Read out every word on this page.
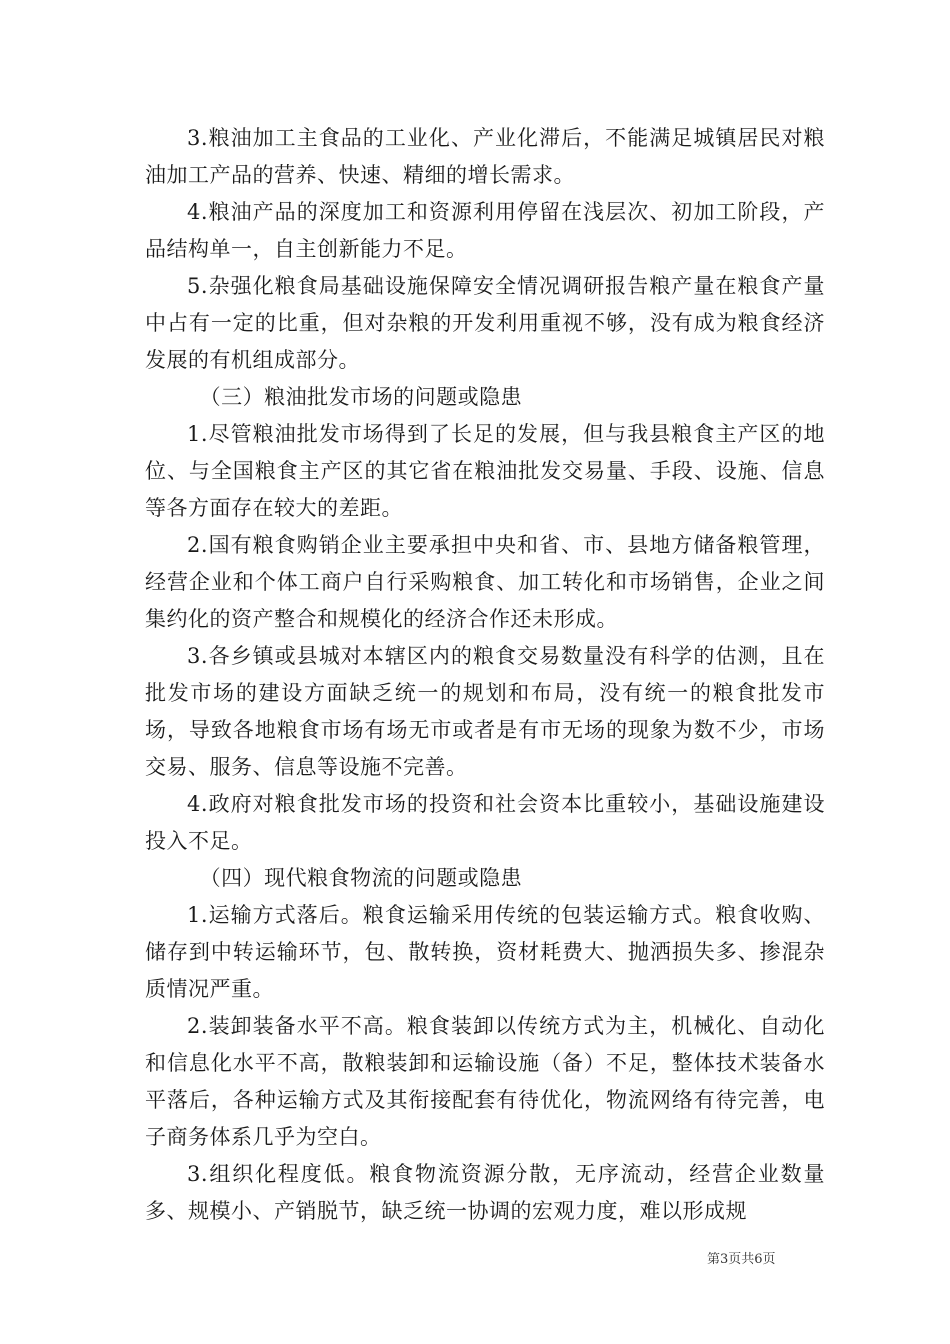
3.粮油加工主食品的工业化、产业化滞后，不能满足城镇居民对粮油加工产品的营养、快速、精细的增长需求。

4.粮油产品的深度加工和资源利用停留在浅层次、初加工阶段，产品结构单一，自主创新能力不足。

5.杂强化粮食局基础设施保障安全情况调研报告粮产量在粮食产量中占有一定的比重，但对杂粮的开发利用重视不够，没有成为粮食经济发展的有机组成部分。

（三）粮油批发市场的问题或隐患

1.尽管粮油批发市场得到了长足的发展，但与我县粮食主产区的地位、与全国粮食主产区的其它省在粮油批发交易量、手段、设施、信息等各方面存在较大的差距。

2.国有粮食购销企业主要承担中央和省、市、县地方储备粮管理，经营企业和个体工商户自行采购粮食、加工转化和市场销售，企业之间集约化的资产整合和规模化的经济合作还未形成。

3.各乡镇或县城对本辖区内的粮食交易数量没有科学的估测，且在批发市场的建设方面缺乏统一的规划和布局，没有统一的粮食批发市场，导致各地粮食市场有场无市或者是有市无场的现象为数不少，市场交易、服务、信息等设施不完善。

4.政府对粮食批发市场的投资和社会资本比重较小，基础设施建设投入不足。

（四）现代粮食物流的问题或隐患

1.运输方式落后。粮食运输采用传统的包装运输方式。粮食收购、储存到中转运输环节，包、散转换，资材耗费大、抛洒损失多、掺混杂质情况严重。

2.装卸装备水平不高。粮食装卸以传统方式为主，机械化、自动化和信息化水平不高，散粮装卸和运输设施（备）不足，整体技术装备水平落后，各种运输方式及其衔接配套有待优化，物流网络有待完善，电子商务体系几乎为空白。

3.组织化程度低。粮食物流资源分散，无序流动，经营企业数量多、规模小、产销脱节，缺乏统一协调的宏观力度，难以形成规

第3页共6页
